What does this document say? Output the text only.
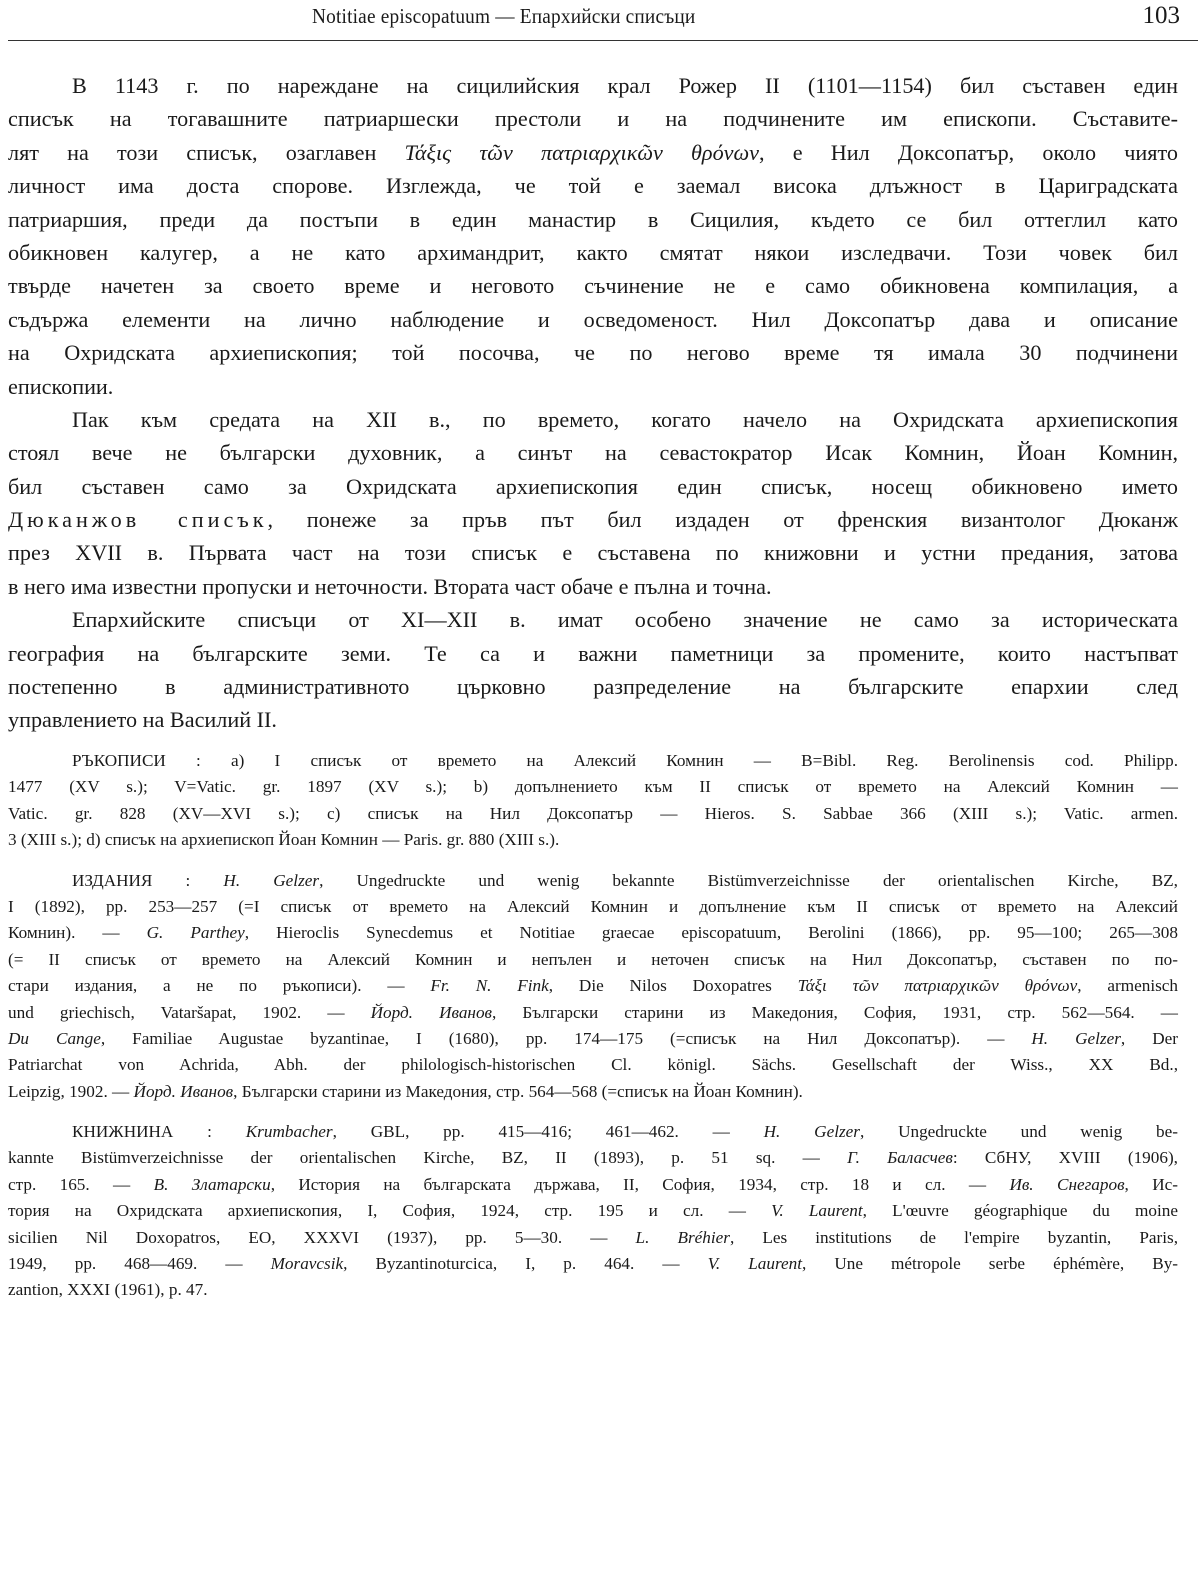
Notitiae episcopatuum — Епархийски списъци	103
В 1143 г. по нареждане на сицилийския крал Рожер II (1101—1154) бил съставен един
списък на тогавашните патриаршески престоли и на подчинените им епископи. Съставите-
лят на този списък, озаглавен Τάξις τῶν πατριαρχικῶν θρόνων, е Нил Доксопатър, около чиято
личност има доста спорове. Изглежда, че той е заемал висока длъжност в Цариградската
патриаршия, преди да постъпи в един манастир в Сицилия, където се бил оттеглил като
обикновен калугер, а не като архимандрит, както смятат някои изследвачи. Този човек бил
твърде начетен за своето време и неговото съчинение не е само обикновена компилация, а
съдържа елементи на лично наблюдение и осведоменост. Нил Доксопатър дава и описание
на Охридската архиепископия; той посочва, че по негово време тя имала 30 подчинени
епископии.
Пак към средата на XII в., по времето, когато начело на Охридската архиепископия
стоял вече не български духовник, а синът на севастократор Исак Комнин, Йоан Комнин,
бил съставен само за Охридската архиепископия един списък, носещ обикновено името
Дюканжов списък, понеже за пръв път бил издаден от френския византолог Дюканж
през XVII в. Първата част на този списък е съставена по книжовни и устни предания, затова
в него има известни пропуски и неточности. Втората част обаче е пълна и точна.
Епархийските списъци от XI—XII в. имат особено значение не само за историческата
география на българските земи. Те са и важни паметници за промените, които настъпват
постепенно в административното църковно разпределение на българските епархии след
управлението на Василий II.
РЪКОПИСИ : a) I списък от времето на Алексий Комнин — B=Bibl. Reg. Berolinensis cod. Philipp.
1477 (XV s.); V=Vatic. gr. 1897 (XV s.); b) допълнението към II списък от времето на Алексий Комнин —
Vatic. gr. 828 (XV—XVI s.); c) списък на Нил Доксопатър — Hieros. S. Sabbae 366 (XIII s.); Vatic. armen.
3 (XIII s.); d) списък на архиепископ Йоан Комнин — Paris. gr. 880 (XIII s.).
ИЗДАНИЯ : H. Gelzer, Ungedruckte und wenig bekannte Bistümverzeichnisse der orientalischen Kirche, BZ,
I (1892), pp. 253—257 (=I списък от времето на Алексий Комнин и допълнение към II списък от времето на Алексий
Комнин). — G. Parthey, Hieroclis Synecdemus et Notitiae graecae episcopatuum, Berolini (1866), pp. 95—100; 265—308
(= II списък от времето на Алексий Комнин и непълен и неточен списък на Нил Доксопатър, съставен по по-
стари издания, а не по ръкописи). — Fr. N. Fink, Die Nilos Doxopatres Τάξι τῶν πατριαρχικῶν θρόνων, armenisch
und griechisch, Vataršapat, 1902. — Йорд. Иванов, Български старини из Македония, София, 1931, стр. 562—564. —
Du Cange, Familiae Augustae byzantinae, I (1680), pp. 174—175 (=списък на Нил Доксопатър). — H. Gelzer, Der
Patriarchat von Achrida, Abh. der philologisch-historischen Cl. königl. Sächs. Gesellschaft der Wiss., XX Bd.,
Leipzig, 1902. — Йорд. Иванов, Български старини из Македония, стр. 564—568 (=списък на Йоан Комнин).
КНИЖНИНА : Krumbacher, GBL, pp. 415—416; 461—462. — H. Gelzer, Ungedruckte und wenig be-
kannte Bistümverzeichnisse der orientalischen Kirche, BZ, II (1893), p. 51 sq. — Г. Баласчев: СбНУ, XVIII (1906),
стр. 165. — В. Златарски, История на българската държава, II, София, 1934, стр. 18 и сл. — Ив. Снегаров, Ис-
тория на Охридската архиепископия, I, София, 1924, стр. 195 и сл. — V. Laurent, L'œuvre géographique du moine
sicilien Nil Doxopatros, EO, XXXVI (1937), pp. 5—30. — L. Bréhier, Les institutions de l'empire byzantin, Paris,
1949, pp. 468—469. — Moravcsik, Byzantinoturcica, I, p. 464. — V. Laurent, Une métropole serbe éphémère, By-
zantion, XXXI (1961), p. 47.
